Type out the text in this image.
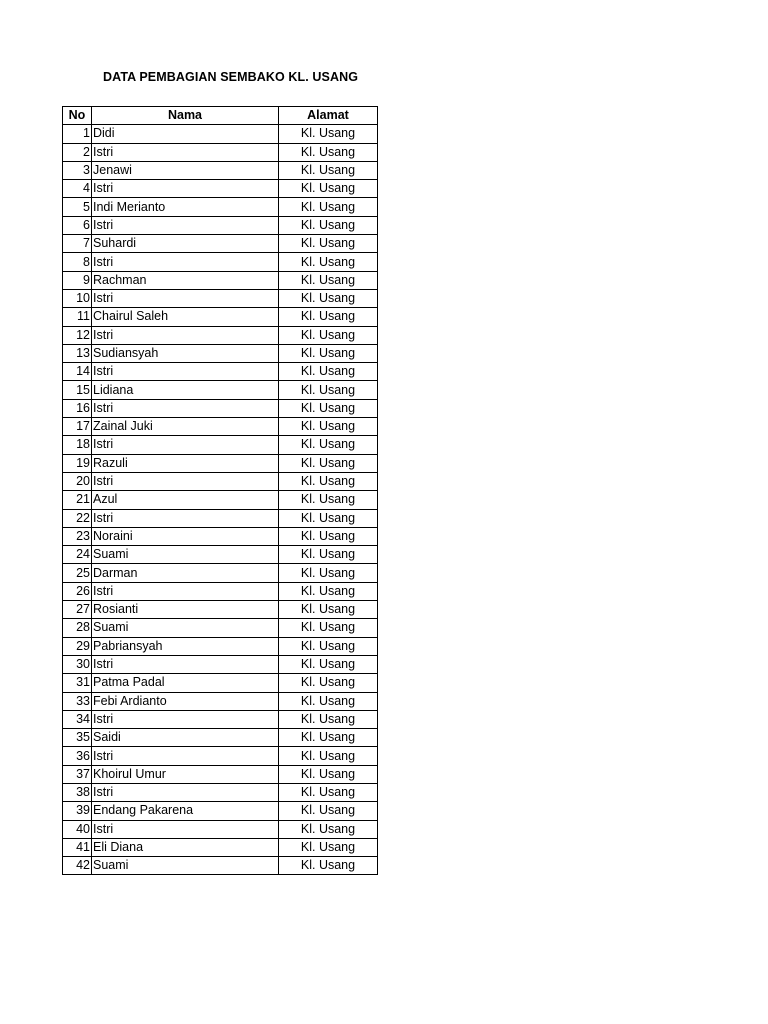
DATA PEMBAGIAN SEMBAKO KL. USANG
No	Nama	Alamat
1	Didi	Kl. Usang
2	Istri	Kl. Usang
3	Jenawi	Kl. Usang
4	Istri	Kl. Usang
5	Indi Merianto	Kl. Usang
6	Istri	Kl. Usang
7	Suhardi	Kl. Usang
8	Istri	Kl. Usang
9	Rachman	Kl. Usang
10	Istri	Kl. Usang
11	Chairul Saleh	Kl. Usang
12	Istri	Kl. Usang
13	Sudiansyah	Kl. Usang
14	Istri	Kl. Usang
15	Lidiana	Kl. Usang
16	Istri	Kl. Usang
17	Zainal Juki	Kl. Usang
18	Istri	Kl. Usang
19	Razuli	Kl. Usang
20	Istri	Kl. Usang
21	Azul	Kl. Usang
22	Istri	Kl. Usang
23	Noraini	Kl. Usang
24	Suami	Kl. Usang
25	Darman	Kl. Usang
26	Istri	Kl. Usang
27	Rosianti	Kl. Usang
28	Suami	Kl. Usang
29	Pabriansyah	Kl. Usang
30	Istri	Kl. Usang
31	Patma Padal	Kl. Usang
33	Febi Ardianto	Kl. Usang
34	Istri	Kl. Usang
35	Saidi	Kl. Usang
36	Istri	Kl. Usang
37	Khoirul Umur	Kl. Usang
38	Istri	Kl. Usang
39	Endang Pakarena	Kl. Usang
40	Istri	Kl. Usang
41	Eli Diana	Kl. Usang
42	Suami	Kl. Usang
